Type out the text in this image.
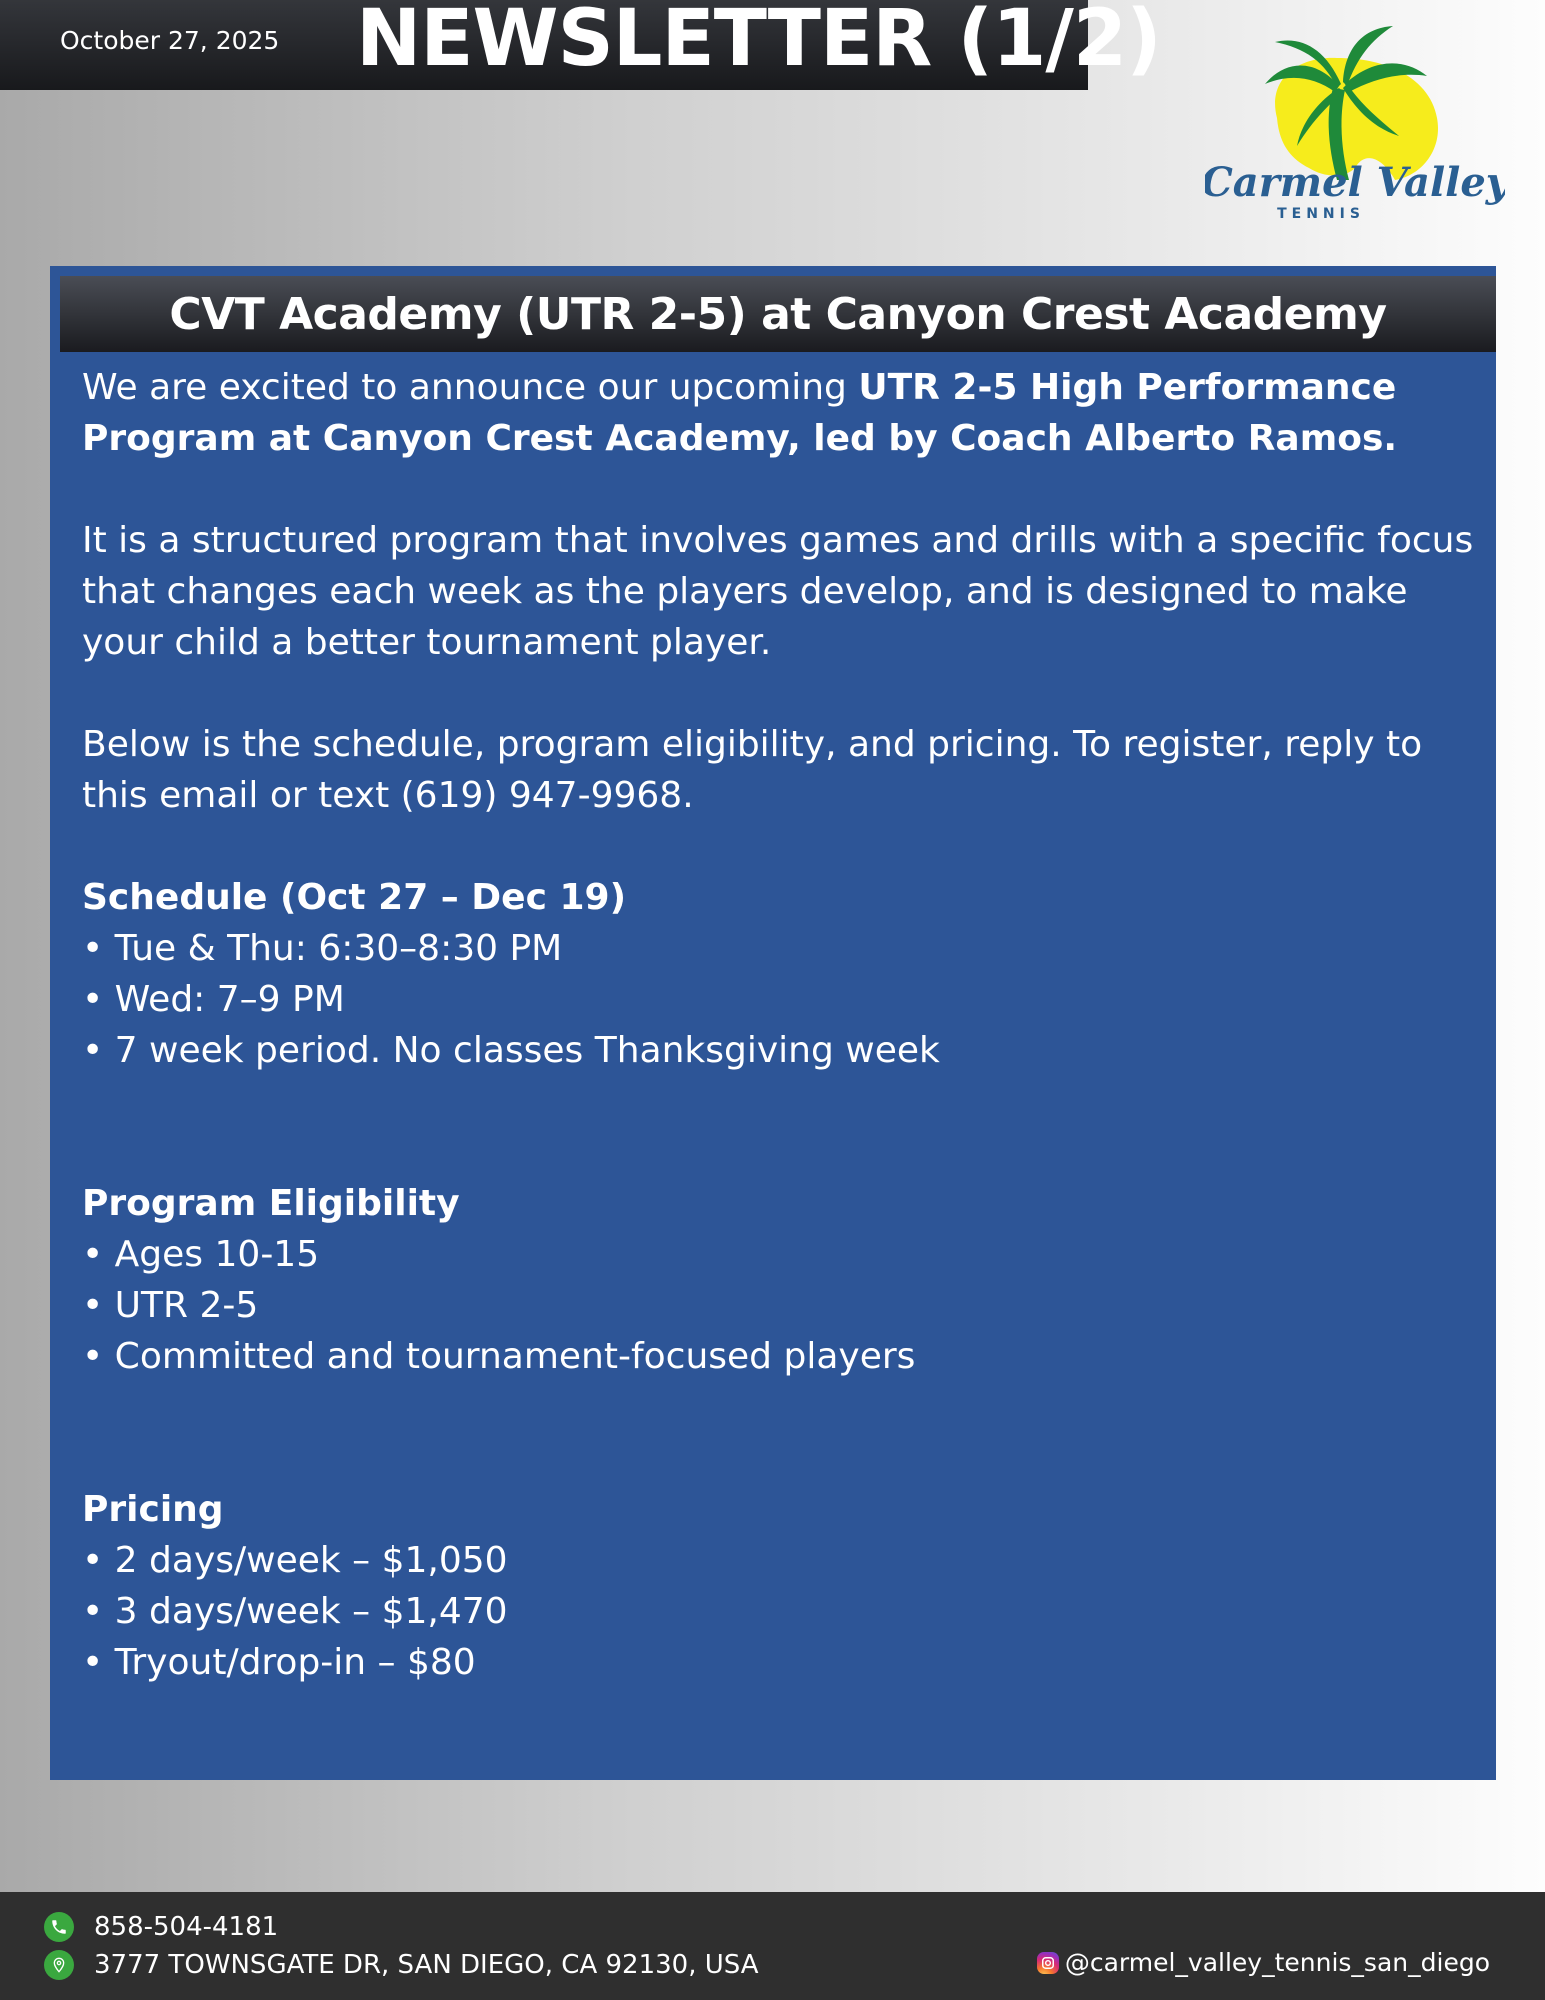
October 27, 2025 NEWSLETTER (1/2)
Carmel Valley
TENNIS
CVT Academy (UTR 2-5) at Canyon Crest Academy

We are excited to announce our upcoming UTR 2-5 High Performance Program at Canyon Crest Academy, led by Coach Alberto Ramos.

It is a structured program that involves games and drills with a specific focus that changes each week as the players develop, and is designed to make your child a better tournament player.

Below is the schedule, program eligibility, and pricing. To register, reply to this email or text (619) 947-9968.

Schedule (Oct 27 – Dec 19)

• Tue & Thu: 6:30–8:30 PM

• Wed: 7–9 PM

• 7 week period. No classes Thanksgiving week

Program Eligibility

• Ages 10-15

• UTR 2-5

• Committed and tournament-focused players

Pricing

• 2 days/week – $1,050

• 3 days/week – $1,470

• Tryout/drop-in – $80

858-504-4181
3777 TOWNSGATE DR, SAN DIEGO, CA 92130, USA	@carmel_valley_tennis_san_diego
